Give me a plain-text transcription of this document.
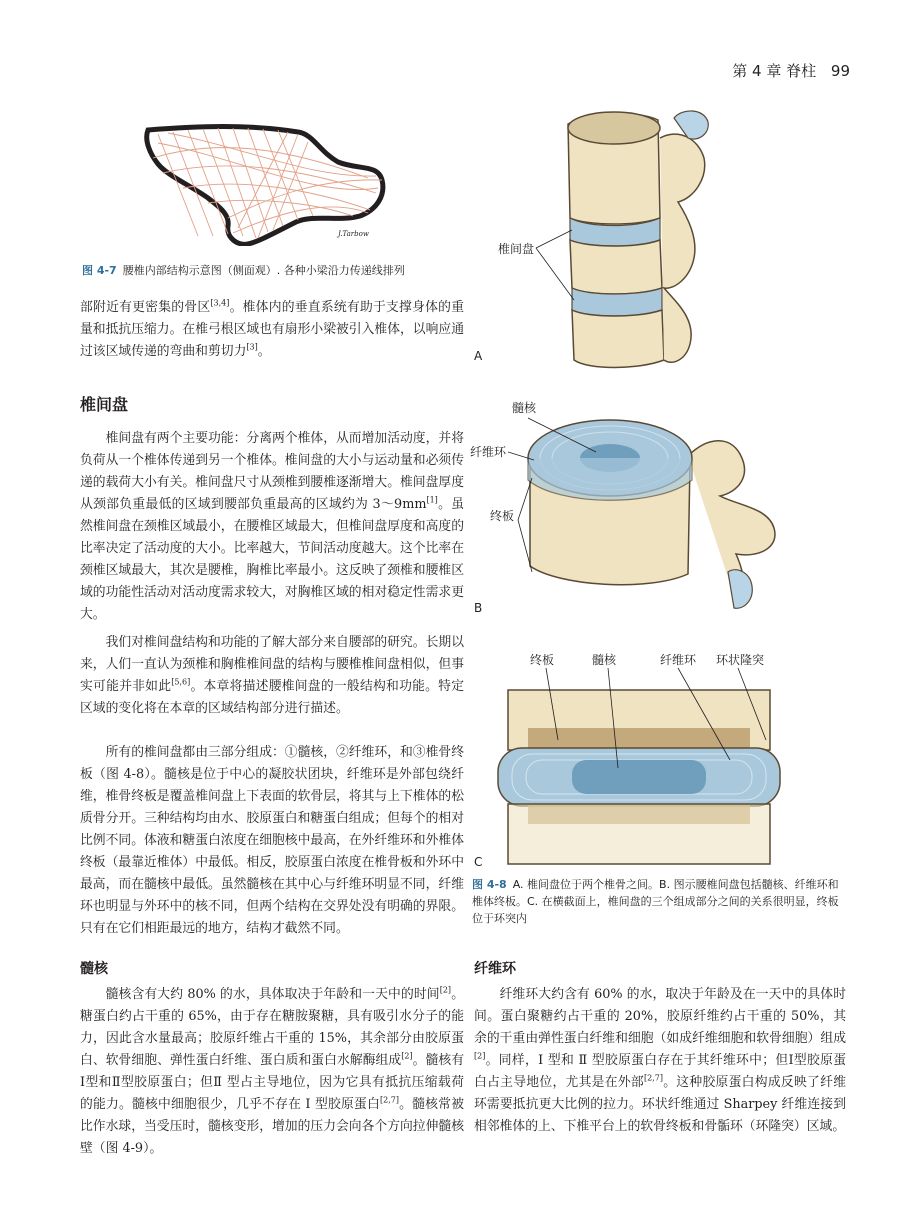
第 4 章 脊柱 99
J.Tarbow
图 4-7 腰椎内部结构示意图（侧面观）. 各种小梁沿力传递线排列

部附近有更密集的骨区[3,4]。椎体内的垂直系统有助于支撑身体的重量和抵抗压缩力。在椎弓根区域也有扇形小梁被引入椎体，以响应通过该区域传递的弯曲和剪切力[3]。

椎间盘

椎间盘有两个主要功能：分离两个椎体，从而增加活动度，并将负荷从一个椎体传递到另一个椎体。椎间盘的大小与运动量和必须传递的载荷大小有关。椎间盘尺寸从颈椎到腰椎逐渐增大。椎间盘厚度从颈部负重最低的区域到腰部负重最高的区域约为 3～9mm[1]。虽然椎间盘在颈椎区域最小，在腰椎区域最大，但椎间盘厚度和高度的比率决定了活动度的大小。比率越大，节间活动度越大。这个比率在颈椎区域最大，其次是腰椎，胸椎比率最小。这反映了颈椎和腰椎区域的功能性活动对活动度需求较大，对胸椎区域的相对稳定性需求更大。

我们对椎间盘结构和功能的了解大部分来自腰部的研究。长期以来，人们一直认为颈椎和胸椎椎间盘的结构与腰椎椎间盘相似，但事实可能并非如此[5,6]。本章将描述腰椎间盘的一般结构和功能。特定区域的变化将在本章的区域结构部分进行描述。

所有的椎间盘都由三部分组成：①髓核，②纤维环，和③椎骨终板（图 4-8）。髓核是位于中心的凝胶状团块，纤维环是外部包绕纤维，椎骨终板是覆盖椎间盘上下表面的软骨层，将其与上下椎体的松质骨分开。三种结构均由水、胶原蛋白和糖蛋白组成；但每个的相对比例不同。体液和糖蛋白浓度在细胞核中最高，在外纤维环和外椎体终板（最靠近椎体）中最低。相反，胶原蛋白浓度在椎骨板和外环中最高，而在髓核中最低。虽然髓核在其中心与纤维环明显不同，纤维环也明显与外环中的核不同，但两个结构在交界处没有明确的界限。只有在它们相距最远的地方，结构才截然不同。

髓核

髓核含有大约 80% 的水，具体取决于年龄和一天中的时间[2]。糖蛋白约占干重的 65%，由于存在糖胺聚糖，具有吸引水分子的能力，因此含水量最高；胶原纤维占干重的 15%，其余部分由胶原蛋白、软骨细胞、弹性蛋白纤维、蛋白质和蛋白水解酶组成[2]。髓核有Ⅰ型和Ⅱ型胶原蛋白；但Ⅱ 型占主导地位，因为它具有抵抗压缩载荷的能力。髓核中细胞很少，几乎不存在 Ⅰ 型胶原蛋白[2,7]。髓核常被比作水球，当受压时，髓核变形，增加的压力会向各个方向拉伸髓核壁（图 4-9）。

椎间盘
A
髓核
纤维环
终板
B
终板	髓核	纤维环 环状隆突
C
图 4-8 A. 椎间盘位于两个椎骨之间。B. 图示腰椎间盘包括髓核、纤维环和椎体终板。C. 在横截面上，椎间盘的三个组成部分之间的关系很明显，终板位于环突内
纤维环

纤维环大约含有 60% 的水，取决于年龄及在一天中的具体时间。蛋白聚糖约占干重的 20%，胶原纤维约占干重的 50%，其余的干重由弹性蛋白纤维和细胞（如成纤维细胞和软骨细胞）组成[2]。同样，Ⅰ 型和 Ⅱ 型胶原蛋白存在于其纤维环中；但Ⅰ型胶原蛋白占主导地位，尤其是在外部[2,7]。这种胶原蛋白构成反映了纤维环需要抵抗更大比例的拉力。环状纤维通过 Sharpey 纤维连接到相邻椎体的上、下椎平台上的软骨终板和骨骺环（环隆突）区域。
